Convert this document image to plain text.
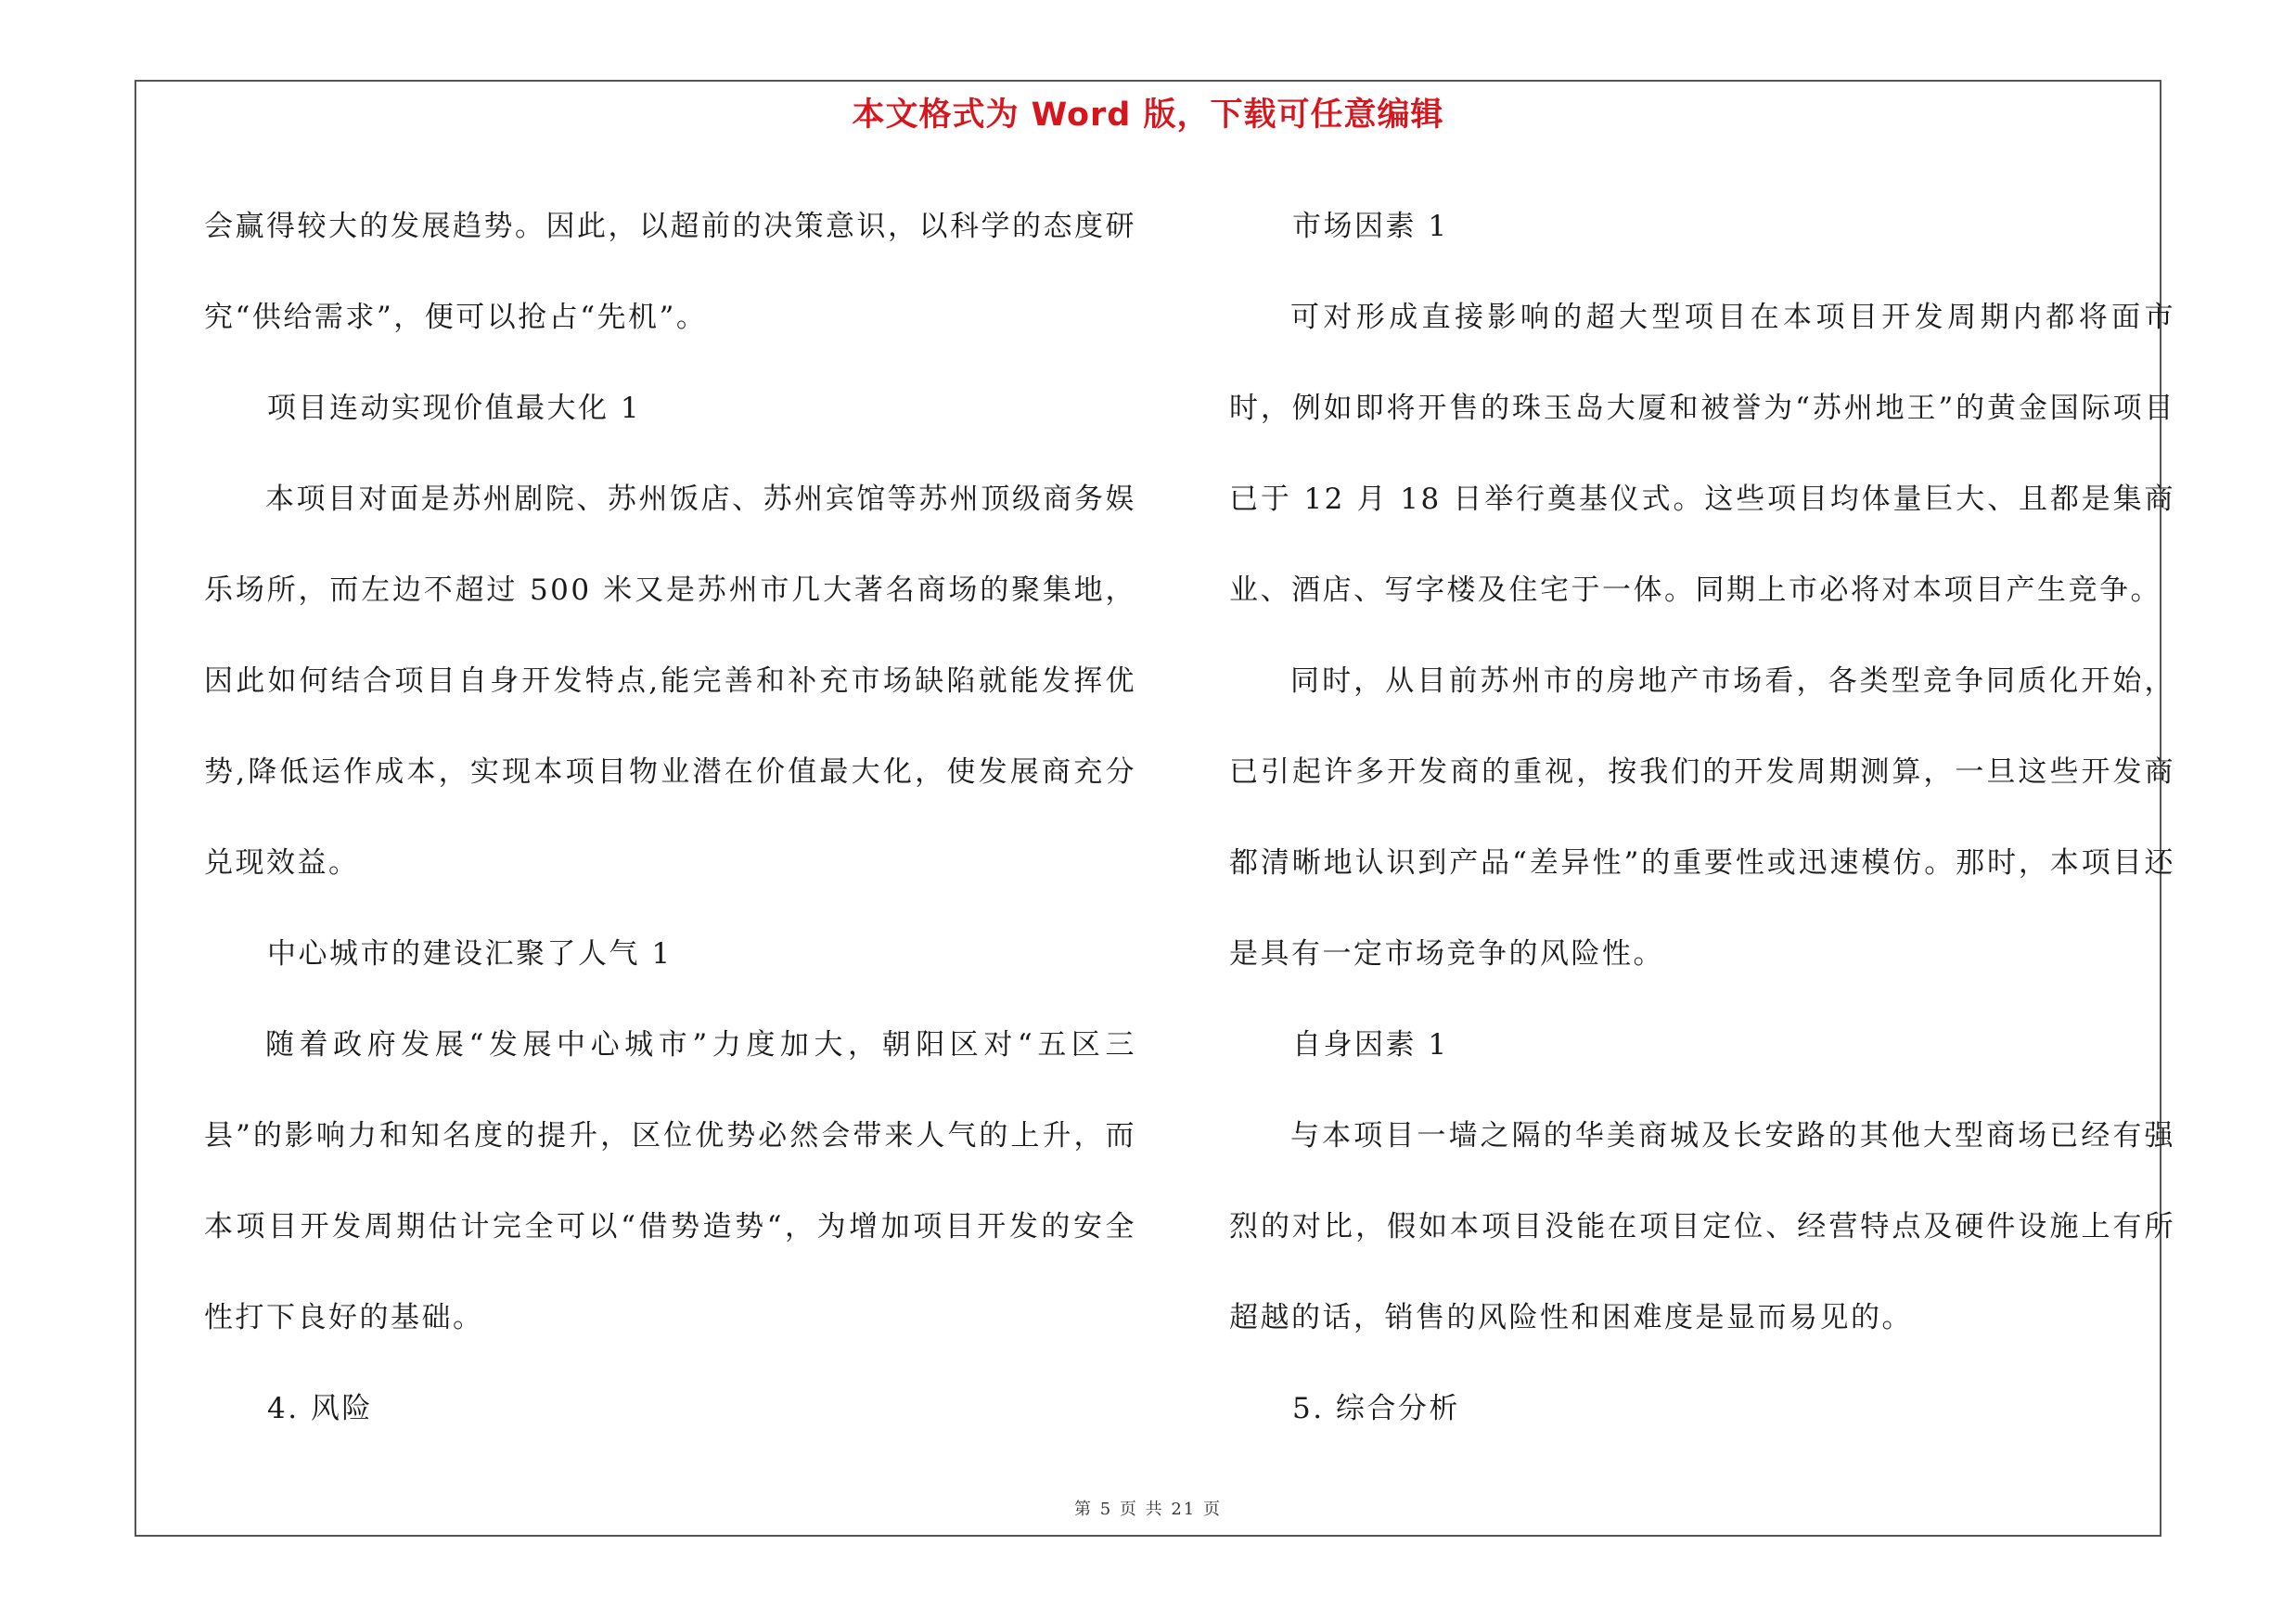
本文格式为 Word 版，下载可任意编辑

会赢得较大的发展趋势。因此，以超前的决策意识，以科学的态度研究“供给需求”，便可以抢占“先机”。

项目连动实现价值最大化 1

本项目对面是苏州剧院、苏州饭店、苏州宾馆等苏州顶级商务娱乐场所，而左边不超过 500 米又是苏州市几大著名商场的聚集地，因此如何结合项目自身开发特点,能完善和补充市场缺陷就能发挥优势,降低运作成本，实现本项目物业潜在价值最大化，使发展商充分兑现效益。

中心城市的建设汇聚了人气 1

随着政府发展“发展中心城市”力度加大，朝阳区对“五区三县”的影响力和知名度的提升，区位优势必然会带来人气的上升，而本项目开发周期估计完全可以“借势造势“，为增加项目开发的安全性打下良好的基础。

4. 风险

市场因素 1

可对形成直接影响的超大型项目在本项目开发周期内都将面市时，例如即将开售的珠玉岛大厦和被誉为“苏州地王”的黄金国际项目已于 12 月 18 日举行奠基仪式。这些项目均体量巨大、且都是集商业、酒店、写字楼及住宅于一体。同期上市必将对本项目产生竞争。

同时，从目前苏州市的房地产市场看，各类型竞争同质化开始，已引起许多开发商的重视，按我们的开发周期测算，一旦这些开发商都清晰地认识到产品“差异性”的重要性或迅速模仿。那时，本项目还是具有一定市场竞争的风险性。

自身因素 1

与本项目一墙之隔的华美商城及长安路的其他大型商场已经有强烈的对比，假如本项目没能在项目定位、经营特点及硬件设施上有所超越的话，销售的风险性和困难度是显而易见的。

5. 综合分析

第 5 页 共 21 页
